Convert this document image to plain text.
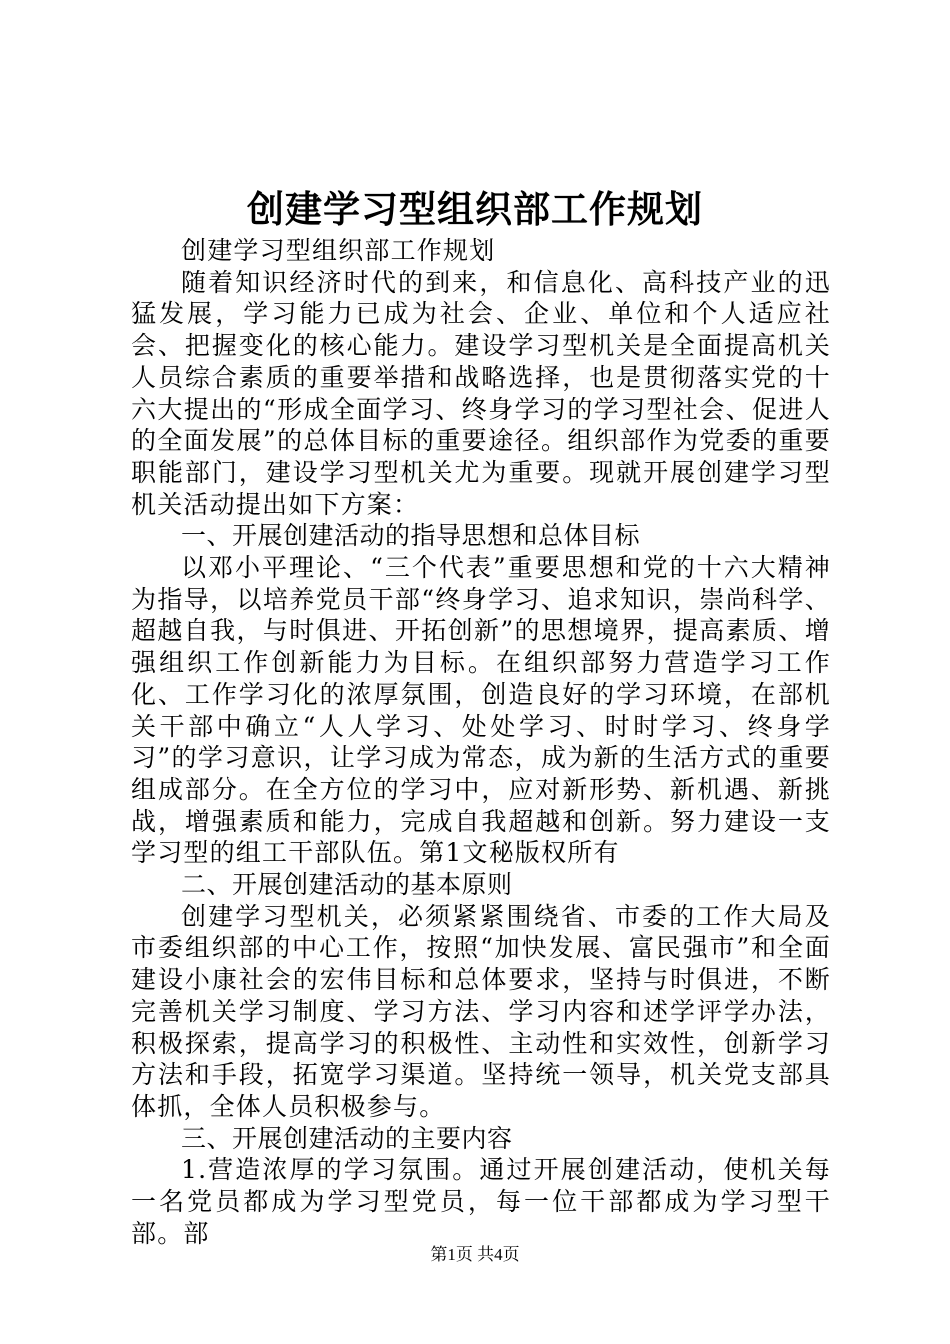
创建学习型组织部工作规划

创建学习型组织部工作规划

随着知识经济时代的到来，和信息化、高科技产业的迅猛发展，学习能力已成为社会、企业、单位和个人适应社会、把握变化的核心能力。建设学习型机关是全面提高机关人员综合素质的重要举措和战略选择，也是贯彻落实党的十六大提出的“形成全面学习、终身学习的学习型社会、促进人的全面发展”的总体目标的重要途径。组织部作为党委的重要职能部门，建设学习型机关尤为重要。现就开展创建学习型机关活动提出如下方案：

一、开展创建活动的指导思想和总体目标

以邓小平理论、“三个代表”重要思想和党的十六大精神为指导，以培养党员干部“终身学习、追求知识，崇尚科学、超越自我，与时俱进、开拓创新”的思想境界，提高素质、增强组织工作创新能力为目标。在组织部努力营造学习工作化、工作学习化的浓厚氛围，创造良好的学习环境，在部机关干部中确立“人人学习、处处学习、时时学习、终身学习”的学习意识，让学习成为常态，成为新的生活方式的重要组成部分。在全方位的学习中，应对新形势、新机遇、新挑战，增强素质和能力，完成自我超越和创新。努力建设一支学习型的组工干部队伍。第1文秘版权所有

二、开展创建活动的基本原则

创建学习型机关，必须紧紧围绕省、市委的工作大局及市委组织部的中心工作，按照“加快发展、富民强市”和全面建设小康社会的宏伟目标和总体要求，坚持与时俱进，不断完善机关学习制度、学习方法、学习内容和述学评学办法，积极探索，提高学习的积极性、主动性和实效性，创新学习方法和手段，拓宽学习渠道。坚持统一领导，机关党支部具体抓，全体人员积极参与。

三、开展创建活动的主要内容

1.营造浓厚的学习氛围。通过开展创建活动，使机关每一名党员都成为学习型党员，每一位干部都成为学习型干部。部

第1页 共4页
